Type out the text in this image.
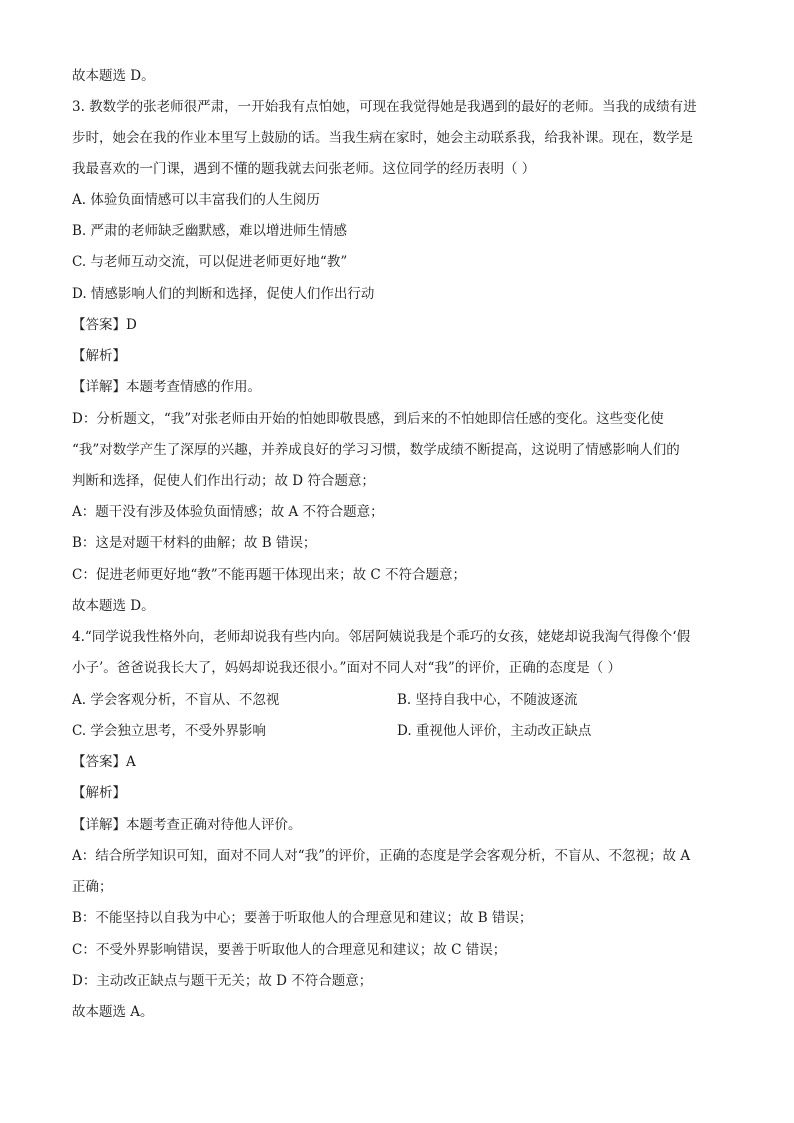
故本题选 D。
3. 教数学的张老师很严肃，一开始我有点怕她，可现在我觉得她是我遇到的最好的老师。当我的成绩有进
步时，她会在我的作业本里写上鼓励的话。当我生病在家时，她会主动联系我，给我补课。现在，数学是
我最喜欢的一门课，遇到不懂的题我就去问张老师。这位同学的经历表明（ ）
A. 体验负面情感可以丰富我们的人生阅历
B. 严肃的老师缺乏幽默感，难以增进师生情感
C. 与老师互动交流，可以促进老师更好地“教”
D. 情感影响人们的判断和选择，促使人们作出行动
【答案】D
【解析】
【详解】本题考查情感的作用。
D：分析题文，“我”对张老师由开始的怕她即敬畏感，到后来的不怕她即信任感的变化。这些变化使
“我”对数学产生了深厚的兴趣，并养成良好的学习习惯，数学成绩不断提高，这说明了情感影响人们的
判断和选择，促使人们作出行动；故 D 符合题意；
A：题干没有涉及体验负面情感；故 A 不符合题意；
B：这是对题干材料的曲解；故 B 错误；
C：促进老师更好地“教”不能再题干体现出来；故 C 不符合题意；
故本题选 D。
4.“同学说我性格外向，老师却说我有些内向。邻居阿姨说我是个乖巧的女孩，姥姥却说我淘气得像个‘假
小子’。爸爸说我长大了，妈妈却说我还很小。”面对不同人对“我”的评价，正确的态度是（ ）
A. 学会客观分析，不盲从、不忽视	B. 坚持自我中心，不随波逐流
C. 学会独立思考，不受外界影响	D. 重视他人评价，主动改正缺点
【答案】A
【解析】
【详解】本题考查正确对待他人评价。
A：结合所学知识可知，面对不同人对“我”的评价，正确的态度是学会客观分析，不盲从、不忽视；故 A
正确；
B：不能坚持以自我为中心；要善于听取他人的合理意见和建议；故 B 错误；
C：不受外界影响错误，要善于听取他人的合理意见和建议；故 C 错误；
D：主动改正缺点与题干无关；故 D 不符合题意；
故本题选 A。
